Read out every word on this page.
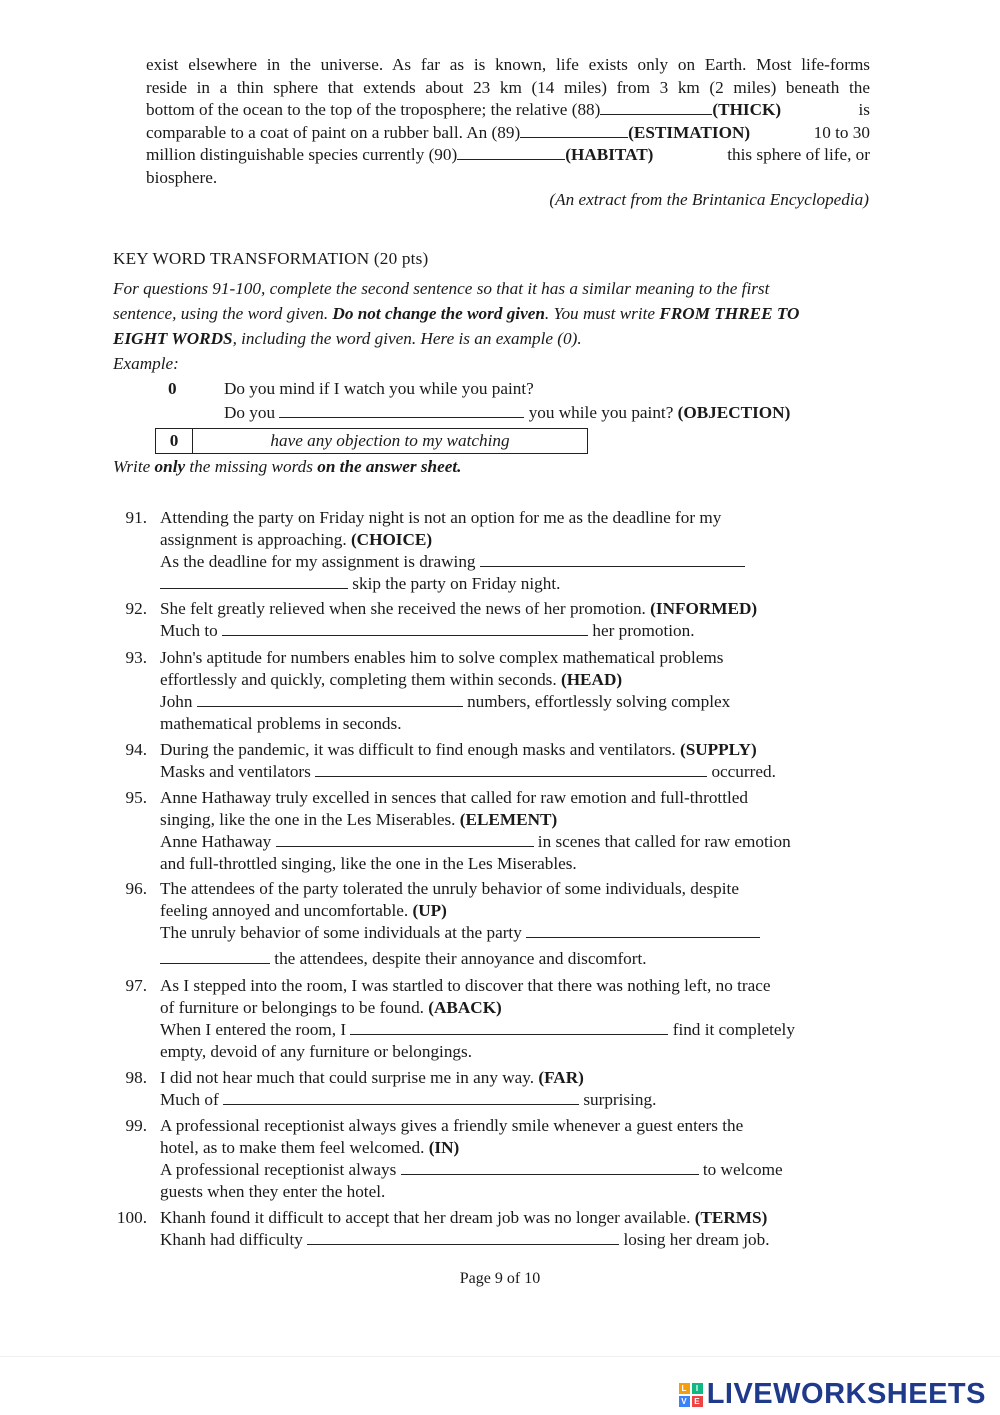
exist elsewhere in the universe. As far as is known, life exists only on Earth. Most life-forms
reside in a thin sphere that extends about 23 km (14 miles) from 3 km (2 miles) beneath the
bottom of the ocean to the top of the troposphere; the relative (88)	(THICK)	is
comparable to a coat of paint on a rubber ball. An (89)	(ESTIMATION)	10 to 30
million distinguishable species currently (90)	(HABITAT)	this sphere of life, or
biosphere.
(An extract from the Brintanica Encyclopedia)
KEY WORD TRANSFORMATION (20 pts)
For questions 91-100, complete the second sentence so that it has a similar meaning to the first
sentence, using the word given. Do not change the word given. You must write FROM THREE TO
EIGHT WORDS, including the word given. Here is an example (0).
Example:
0	Do you mind if I watch you while you paint?
Do you	you while you paint? (OBJECTION)
0	have any objection to my watching
Write only the missing words on the answer sheet.
91. Attending the party on Friday night is not an option for me as the deadline for my
assignment is approaching. (CHOICE)
As the deadline for my assignment is drawing
skip the party on Friday night.
92. She felt greatly relieved when she received the news of her promotion. (INFORMED)
Much to	her promotion.
93. John's aptitude for numbers enables him to solve complex mathematical problems
effortlessly and quickly, completing them within seconds. (HEAD)
John	numbers, effortlessly solving complex
mathematical problems in seconds.
94. During the pandemic, it was difficult to find enough masks and ventilators. (SUPPLY)
Masks and ventilators	occurred.
95. Anne Hathaway truly excelled in sences that called for raw emotion and full-throttled
singing, like the one in the Les Miserables. (ELEMENT)
Anne Hathaway	in scenes that called for raw emotion
and full-throttled singing, like the one in the Les Miserables.
96. The attendees of the party tolerated the unruly behavior of some individuals, despite
feeling annoyed and uncomfortable. (UP)
The unruly behavior of some individuals at the party
the attendees, despite their annoyance and discomfort.
97. As I stepped into the room, I was startled to discover that there was nothing left, no trace
of furniture or belongings to be found. (ABACK)
When I entered the room, I	find it completely
empty, devoid of any furniture or belongings.
98. I did not hear much that could surprise me in any way. (FAR)
Much of	surprising.
99. A professional receptionist always gives a friendly smile whenever a guest enters the
hotel, as to make them feel welcomed. (IN)
A professional receptionist always	to welcome
guests when they enter the hotel.
100. Khanh found it difficult to accept that her dream job was no longer available. (TERMS)
Khanh had difficulty	losing her dream job.
Page 9 of 10
L	I
V E LIVEWORKSHEETS
